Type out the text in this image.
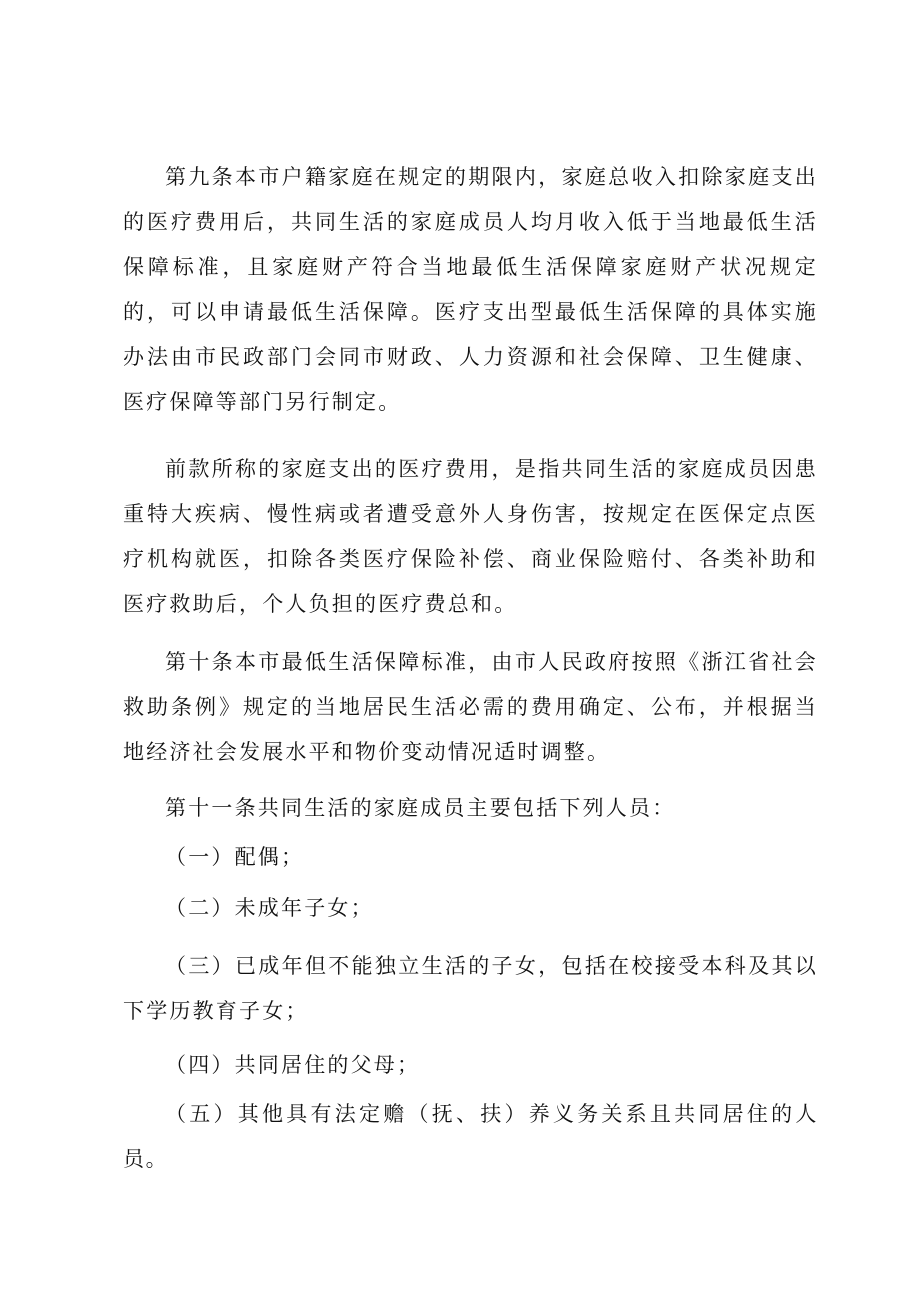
第九条本市户籍家庭在规定的期限内，家庭总收入扣除家庭支出的医疗费用后，共同生活的家庭成员人均月收入低于当地最低生活保障标准，且家庭财产符合当地最低生活保障家庭财产状况规定的，可以申请最低生活保障。医疗支出型最低生活保障的具体实施办法由市民政部门会同市财政、人力资源和社会保障、卫生健康、医疗保障等部门另行制定。

前款所称的家庭支出的医疗费用，是指共同生活的家庭成员因患重特大疾病、慢性病或者遭受意外人身伤害，按规定在医保定点医疗机构就医，扣除各类医疗保险补偿、商业保险赔付、各类补助和医疗救助后，个人负担的医疗费总和。

第十条本市最低生活保障标准，由市人民政府按照《浙江省社会救助条例》规定的当地居民生活必需的费用确定、公布，并根据当地经济社会发展水平和物价变动情况适时调整。

第十一条共同生活的家庭成员主要包括下列人员：

（一）配偶；

（二）未成年子女；

（三）已成年但不能独立生活的子女，包括在校接受本科及其以下学历教育子女；

（四）共同居住的父母；

（五）其他具有法定赡（抚、扶）养义务关系且共同居住的人员。
